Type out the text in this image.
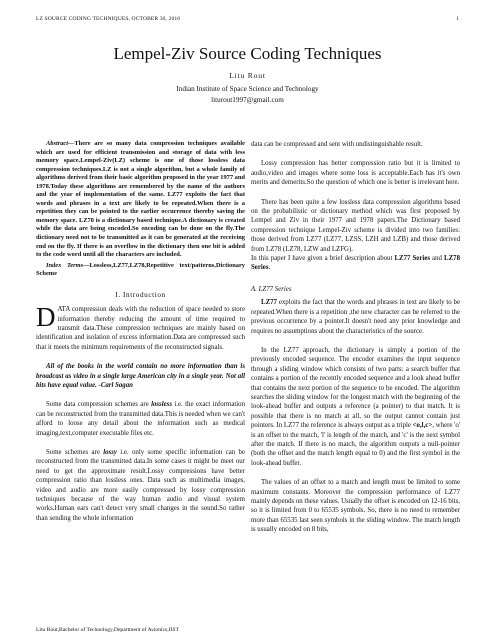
LZ SOURCE CODING TECHNIQUES, OCTOBER 30, 2016	1
Lempel-Ziv Source Coding Techniques
Litu Rout
Indian Institute of Space Science and Technology
liturout1997@gmail.com

Abstract—There are so many data compression techniques available which are used for efficient transmission and storage of data with less memory space.Lempel-Ziv(LZ) scheme is one of those lossless data compression techniques.LZ is not a single algorithm, but a whole family of algorithms derived from their basic algorithm proposed in the year 1977 and 1978.Today these algorithms are remembered by the name of the authors and the year of implementation of the same. LZ77 exploits the fact that words and phrases in a text are likely to be repeated.When there is a repetition they can be pointed to the earlier occurrence thereby saving the memory space. LZ78 is a dictionary based technique.A dictionary is created while the data are being encoded.So encoding can be done on the fly.The dictionary need not to be transmitted as it can be generated at the receiving end on the fly. If there is an overflow in the dictionary then one bit is added to the code word until all the characters are included.

Index Terms—Lossless,LZ77,LZ78,Repetitive text/patterns,Dictionary Scheme

I. Introduction

DATA compression deals with the reduction of space needed to store information thereby reducing the amount of time required to transmit data.These compression techniques are mainly based on identification and isolation of excess information.Data are compressed such that it meets the minimum requirements of the reconstructed signals.

All of the books in the world contain no more information than is broadcast as video in a single large American city in a single year. Not all bits have equal value. -Carl Sagan

Some data compression schemes are lossless i.e. the exact information can be reconstructed from the transmitted data.This is needed when we can't afford to loose any detail about the information such as medical imaging,text,computer executable files etc.

Some schemes are lossy i.e. only some specific information can be reconstructed from the transmitted data.In some cases it might be meet our need to get the approximate result.Lossy compressions have better compression ratio than lossless ones. Data such as multimedia images, video and audio are more easily compressed by lossy compression techniques because of the way human audio and visual system works.Human ears can't detect very small changes in the sound.So rather than sending the whole information

data can be compressed and sent with undistinguishable result.

Lossy compression has better compression ratio but it is limited to audio,video and images where some loss is acceptable.Each has it's own merits and demerits.So the question of which one is better is irrelevant here.

There has been quite a few lossless data compression algorithms based on the probabilistic or dictionary method which was first proposed by Lempel and Ziv in their 1977 and 1978 papers.The Dictionary based compression technique Lempel-Ziv scheme is divided into two families: those derived from LZ77 (LZ77, LZSS, LZH and LZB) and those derived from LZ78 (LZ78, LZW and LZFG).

In this paper I have given a brief description about LZ77 Series and LZ78 Series.

A. LZ77 Series

LZ77 exploits the fact that the words and phrases in text are likely to be repeated.When there is a repetition ,the new character can be referred to the previous occurrence by a pointer.It doesn't need any prior knowledge and requires no assumptions about the characteristics of the source.

In the LZ77 approach, the dictionary is simply a portion of the previously encoded sequence. The encoder examines the input sequence through a sliding window which consists of two parts: a search buffer that contains a portion of the recently encoded sequence and a look ahead buffer that contains the next portion of the sequence to be encoded. The algorithm searches the sliding window for the longest match with the beginning of the look-ahead buffer and outputs a reference (a pointer) to that match. It is possible that there is no match at all, so the output cannot contain just pointers. In LZ77 the reference is always output as a triple <o,l,c>, where 'o' is an offset to the match, 'l' is length of the match, and 'c' is the next symbol after the match. If there is no match, the algorithm outputs a null-pointer (both the offset and the match length equal to 0) and the first symbol in the look-ahead buffer.

The values of an offset to a match and length must be limited to some maximum constants. Moreover the compression performance of LZ77 mainly depends on these values. Usually the offset is encoded on 12-16 bits, so it is limited from 0 to 65535 symbols. So, there is no need to remember more than 65535 last seen symbols in the sliding window. The match length is usually encoded on 8 bits,

Litu Rout,Bachelor of Technology,Department of Avionics,IIST
